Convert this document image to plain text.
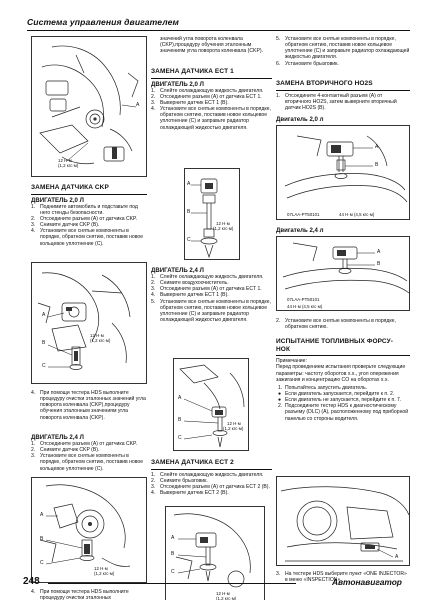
Система управления двигателем
A
12 Н·м
(1,2 кгс·м)
ЗАМЕНА ДАТЧИКА CKP
ДВИГАТЕЛЬ 2,0 Л
1. Поднимите автомобиль и подставьте под него стенды безопасности.
2. Отсоедините разъем (A) от датчика CKP.
3. Снимите датчик CKP (B).
4. Установите все снятые компоненты в порядке, обратном снятию, поставив новое кольцевое уплотнение (C).
A
B
C
12 Н·м
(1,2 кгс·м)
4. При помощи тестера HDS выполните процедуру очистки эталонных значений угла поворота коленвала (CKP),процедуру обучения эталонным значениям угла поворота коленвала (CKP).
ДВИГАТЕЛЬ 2,4 Л
1. Отсоедините разъем (A) от датчика CKP.
2. Снимите датчик CKP (B).
3. Установите все снятые компоненты в порядке, обратном снятию, поставив новое кольцевое уплотнение (C).
A
B
C
12 Н·м
(1,2 кгс·м)
4. При помощи тестера HDS выполните процедуру очистки эталонных
значений угла поворота коленвала (CKP),процедуру обучения эталонным значениям угла поворота коленвала (CKP).
ЗАМЕНА ДАТЧИКА ECT 1
ДВИГАТЕЛЬ 2,0 Л
1. Слейте охлаждающую жидкость двигателя.
2. Отсоедините разъем (A) от датчика ECT 1.
3. Выверните датчик ECT 1 (B).
4. Установите все снятые компоненты в порядке, обратном снятию, поставив новое кольцевое уплотнение (C) и заправьте радиатор охлаждающей жидкостью двигателя.
A
B
C
12 Н·м
(1,2 кгс·м)
ДВИГАТЕЛЬ 2,4 Л
1. Слейте охлаждающую жидкость двигателя.
2. Снимите воздухоочиститель.
3. Отсоедините разъем (A) от датчика ECT 1.
4. Выверните датчик ECT 1 (B).
5. Установите все снятые компоненты в порядке, обратном снятию, поставив новое кольцевое уплотнение (C) и заправьте радиатор охлаждающей жидкостью двигателя.
A
B
C
12 Н·м
(1,2 кгс·м)
ЗАМЕНА ДАТЧИКА ECT 2
1. Слейте охлаждающую жидкость двигателя.
2. Снимите брызговик.
3. Отсоедините разъем (A) от датчика ECT 2 (B).
4. Выверните датчик ECT 2 (B).
A
B
C
12 Н·м
(1,2 кгс·м)
5. Установите все снятые компоненты в порядке, обратном снятию, поставив новое кольцевое уплотнение (C) и заправьте радиатор охлаждающей жидкостью двигателя.
6. Установите брызговик.
ЗАМЕНА ВТОРИЧНОГО HO2S
1. Отсоедините 4-контактный разъем (A) от вторичного HO2S, затем выверните вторичный датчик HO2S (B).
Двигатель 2,0 л
A
B
07LAA-PT50101	44 Н·м (4,5 кгс·м)
Двигатель 2,4 л
A
B
07LAA-PT50101
44 Н·м (4,5 кгс·м)
2. Установите все снятые компоненты в порядке, обратном снятию.
ИСПЫТАНИЕ ТОПЛИВНЫХ ФОРСУ-
НОК
Примечание:
Перед проведением испытания проверьте следующие параметры: частоту оборотов х.х., угол опережения зажигания и концентрацию CO на оборотах х.х.
1. Попытайтесь запустить двигатель.
● Если двигатель запускается, перейдите к п. 2.
● Если двигатель не запускается, перейдите к п. 7.
2. Подсоедините тестер HDS к диагностическому разъему (DLC) (A), расположенному под приборной панелью со стороны водителя.
A
3. На тестере HDS выберите пункт «ONE INJECTOR» в меню «INSPECTION».
248	Автонавигатор
